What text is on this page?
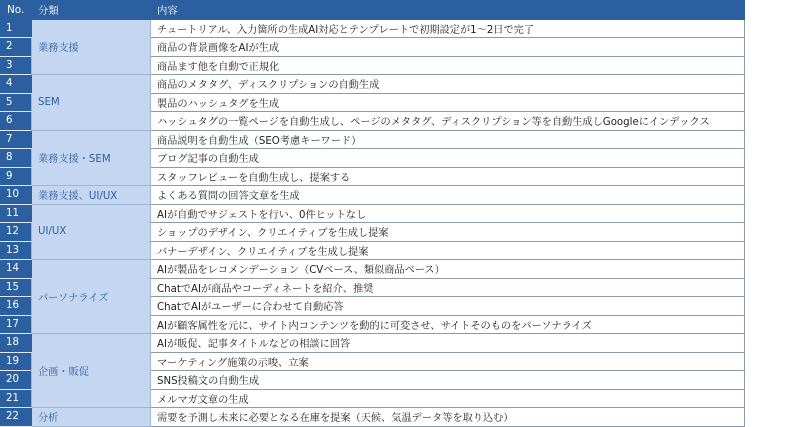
No.	分類	内容
1	業務支援	チュートリアル、入力箇所の生成AI対応とテンプレートで初期設定が1〜2日で完了
2		商品の背景画像をAIが生成
3		商品ます他を自動で正規化
4	SEM	商品のメタタグ、ディスクリプションの自動生成
5		製品のハッシュタグを生成
6		ハッシュタグの一覧ページを自動生成し、ページのメタタグ、ディスクリプション等を自動生成しGoogleにインデックス
7	業務支援・SEM	商品説明を自動生成（SEO考慮キーワード）
8		ブログ記事の自動生成
9		スタッフレビューを自動生成し、提案する
10	業務支援、UI/UX	よくある質問の回答文章を生成
11	UI/UX	AIが自動でサジェストを行い、0件ヒットなし
12		ショップのデザイン、クリエイティブを生成し提案
13		バナーデザイン、クリエイティブを生成し提案
14	パーソナライズ	AIが製品をレコメンデーション（CVベース、類似商品ベース）
15		ChatでAIが商品やコーディネートを紹介、推奨
16		ChatでAIがユーザーに合わせて自動応答
17		AIが顧客属性を元に、サイト内コンテンツを動的に可変させ、サイトそのものをパーソナライズ
18	企画・販促	AIが販促、記事タイトルなどの相談に回答
19		マーケティング施策の示唆、立案
20		SNS投稿文の自動生成
21		メルマガ文章の生成
22	分析	需要を予測し未来に必要となる在庫を提案（天候、気温データ等を取り込む）
